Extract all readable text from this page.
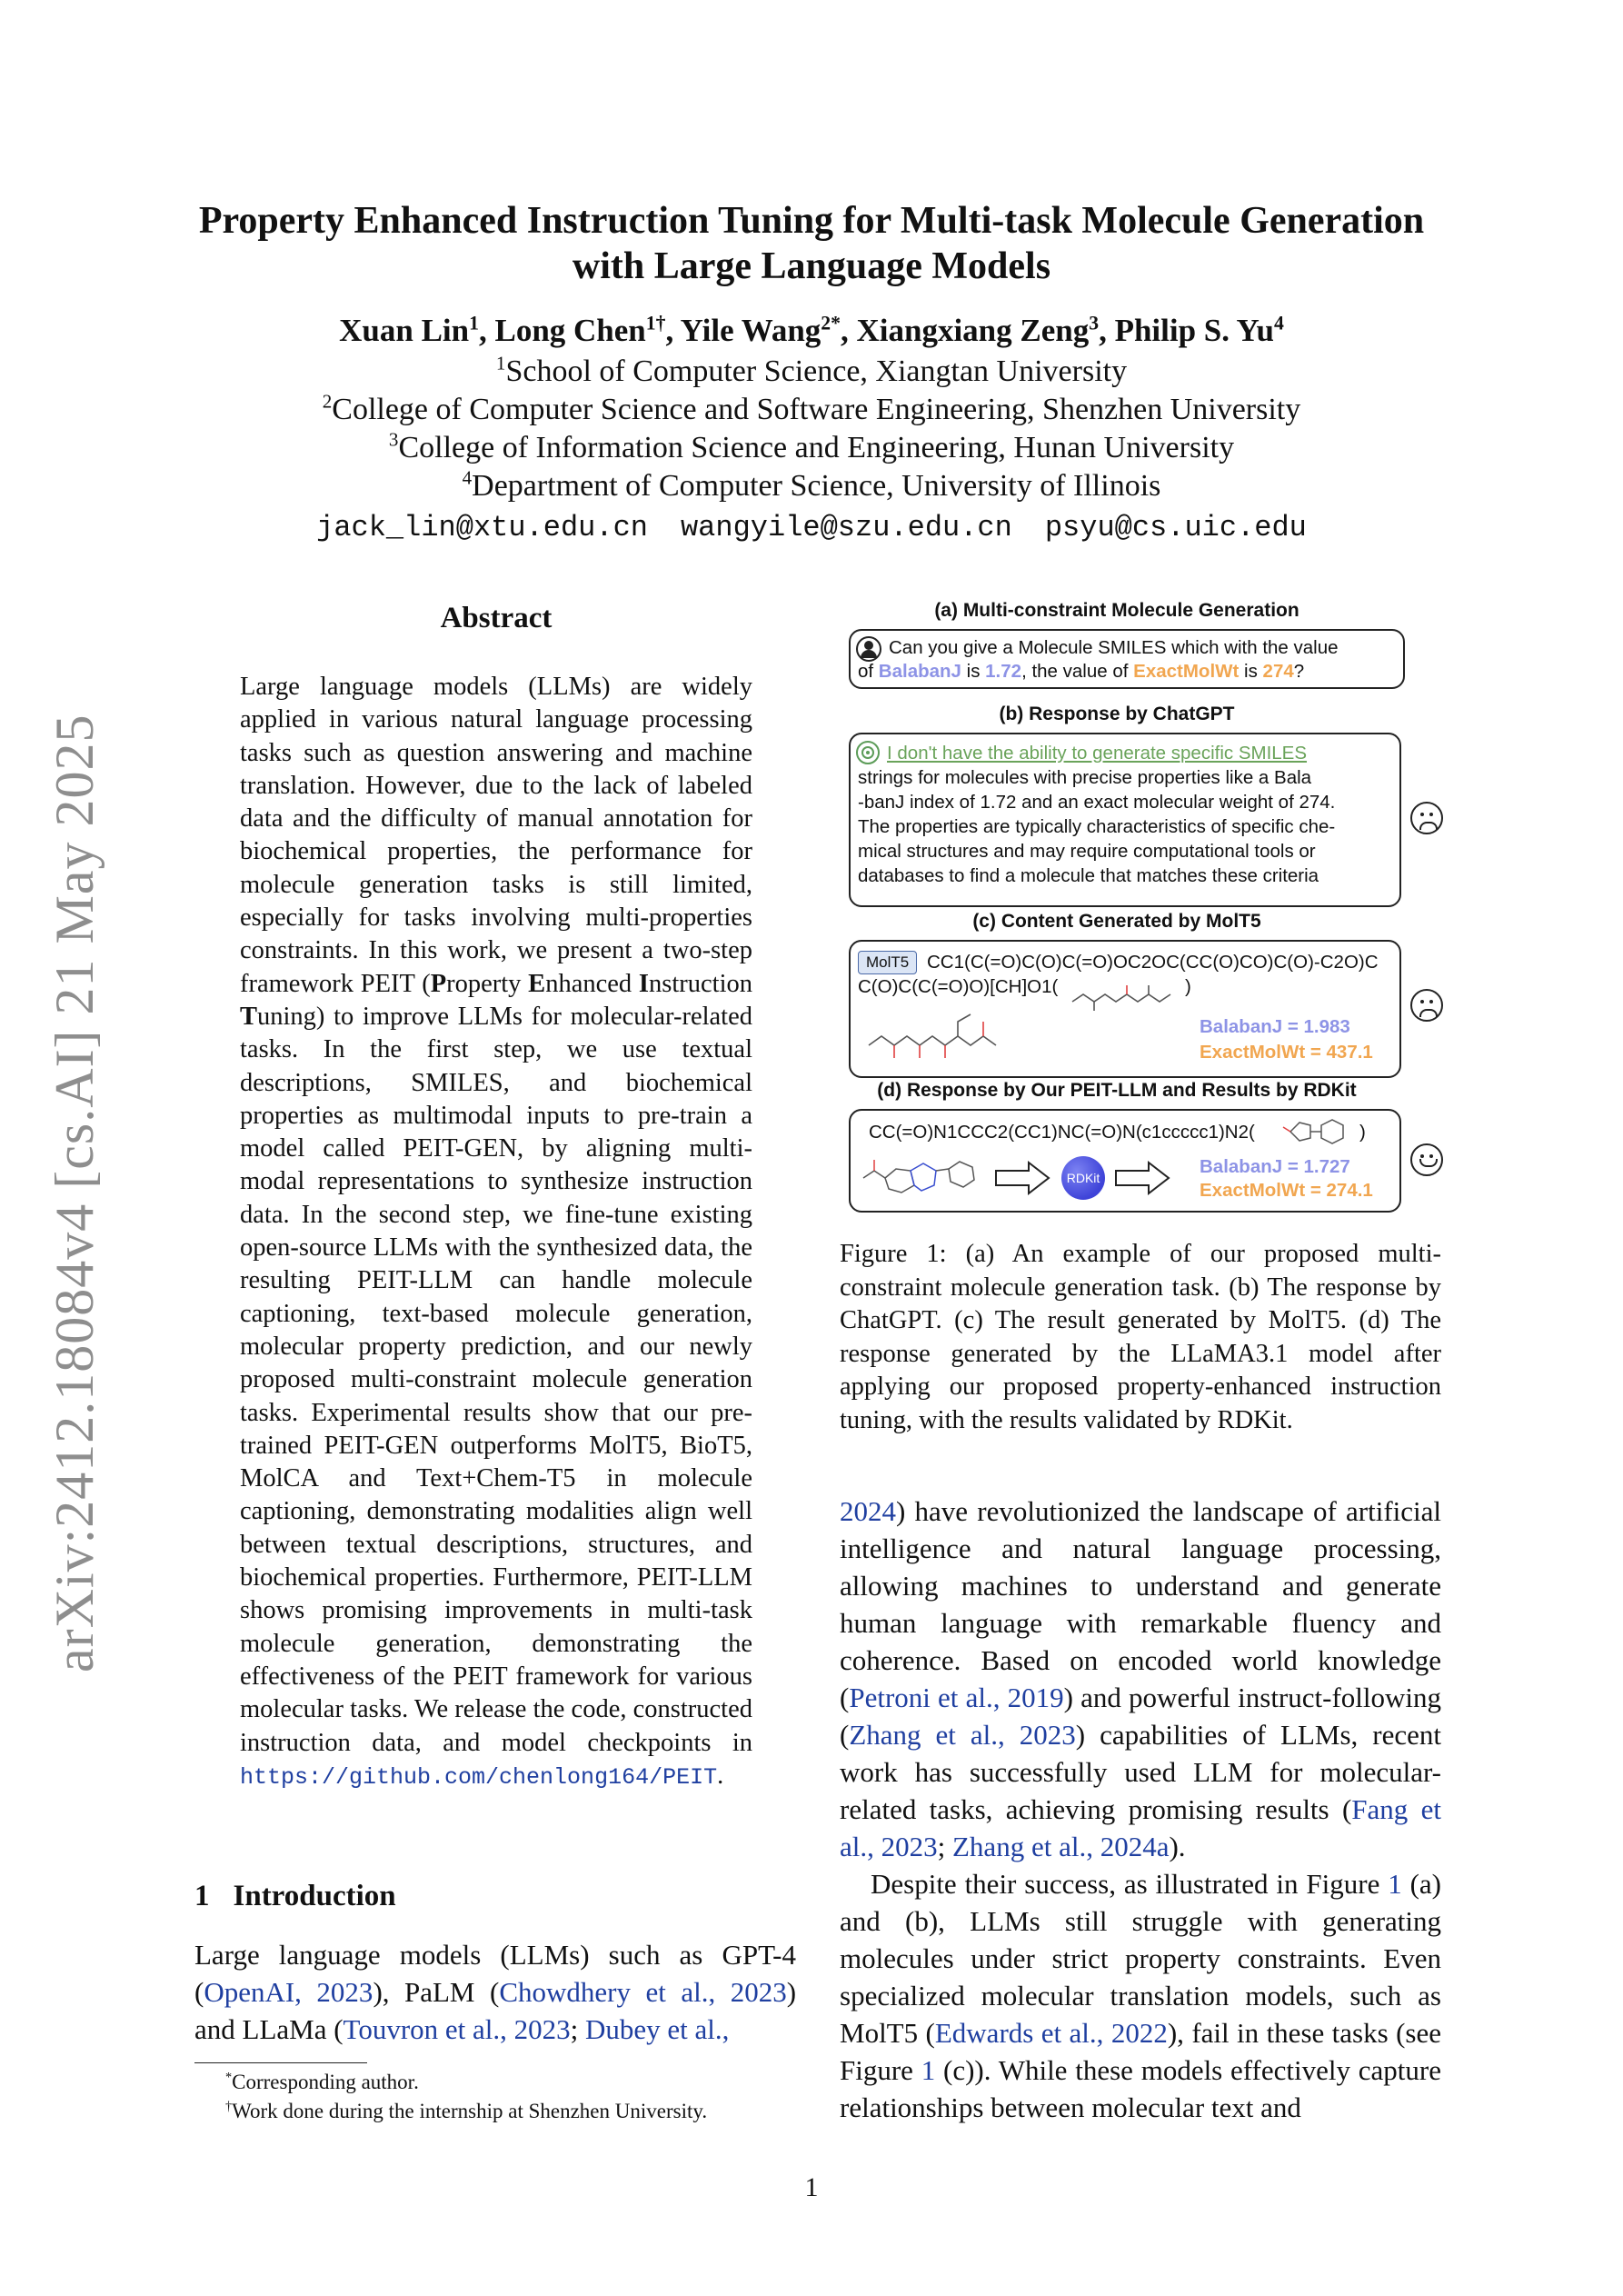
arXiv:2412.18084v4 [cs.AI] 21 May 2025
Property Enhanced Instruction Tuning for Multi-task Molecule Generation
with Large Language Models
Xuan Lin$^1$, Long Chen$^{1\dagger}$, Yile Wang$^{2*}$, Xiangxiang Zeng$^3$, Philip S. Yu$^4$
$^1$School of Computer Science, Xiangtan University
$^2$College of Computer Science and Software Engineering, Shenzhen University
$^3$College of Information Science and Engineering, Hunan University
$^4$Department of Computer Science, University of Illinois
jack_lin@xtu.edu.cn wangyile@szu.edu.cn psyu@cs.uic.edu
Abstract
Large language models (LLMs) are widely applied in various natural language processing tasks such as question answering and machine translation. However, due to the lack of labeled data and the difficulty of manual annotation for biochemical properties, the performance for molecule generation tasks is still limited, especially for tasks involving multi-properties constraints. In this work, we present a two-step framework PEIT (Property Enhanced Instruction Tuning) to improve LLMs for molecular-related tasks. In the first step, we use textual descriptions, SMILES, and biochemical properties as multimodal inputs to pre-train a model called PEIT-GEN, by aligning multi-modal representations to synthesize instruction data. In the second step, we fine-tune existing open-source LLMs with the synthesized data, the resulting PEIT-LLM can handle molecule captioning, text-based molecule generation, molecular property prediction, and our newly proposed multi-constraint molecule generation tasks. Experimental results show that our pre-trained PEIT-GEN outperforms MolT5, BioT5, MolCA and Text+Chem-T5 in molecule captioning, demonstrating modalities align well between textual descriptions, structures, and biochemical properties. Furthermore, PEIT-LLM shows promising improvements in multi-task molecule generation, demonstrating the effectiveness of the PEIT framework for various molecular tasks. We release the code, constructed instruction data, and model checkpoints in https://github.com/chenlong164/PEIT.
1 Introduction
Large language models (LLMs) such as GPT-4 (OpenAI, 2023), PaLM (Chowdhery et al., 2023) and LLaMa (Touvron et al., 2023; Dubey et al.,
*Corresponding author.
†Work done during the internship at Shenzhen University.
(a) Multi-constraint Molecule Generation
Can you give a Molecule SMILES which with the value
of BalabanJ is 1.72, the value of ExactMolWt is 274?
(b) Response by ChatGPT
I don't have the ability to generate specific SMILES
strings for molecules with precise properties like a Bala
-banJ index of 1.72 and an exact molecular weight of 274.
The properties are typically characteristics of specific che-
mical structures and may require computational tools or
databases to find a molecule that matches these criteria
(c) Content Generated by MolT5
MolT5 CC1(C(=O)C(O)C(=O)OC2OC(CC(O)CO)C(O)-C2O)C
C(O)C(C(=O)O)[CH]O1(	)
BalabanJ = 1.983
ExactMolWt = 437.1
(d) Response by Our PEIT-LLM and Results by RDKit
CC(=O)N1CCC2(CC1)NC(=O)N(c1ccccc1)N2(	)
RDKit
BalabanJ = 1.727
ExactMolWt = 274.1
Figure 1: (a) An example of our proposed multi-constraint molecule generation task. (b) The response by ChatGPT. (c) The result generated by MolT5. (d) The response generated by the LLaMA3.1 model after applying our proposed property-enhanced instruction tuning, with the results validated by RDKit.

2024) have revolutionized the landscape of artificial intelligence and natural language processing, allowing machines to understand and generate human language with remarkable fluency and coherence. Based on encoded world knowledge (Petroni et al., 2019) and powerful instruct-following (Zhang et al., 2023) capabilities of LLMs, recent work has successfully used LLM for molecular-related tasks, achieving promising results (Fang et al., 2023; Zhang et al., 2024a).

Despite their success, as illustrated in Figure 1 (a) and (b), LLMs still struggle with generating molecules under strict property constraints. Even specialized molecular translation models, such as MolT5 (Edwards et al., 2022), fail in these tasks (see Figure 1 (c)). While these models effectively capture relationships between molecular text and

1
